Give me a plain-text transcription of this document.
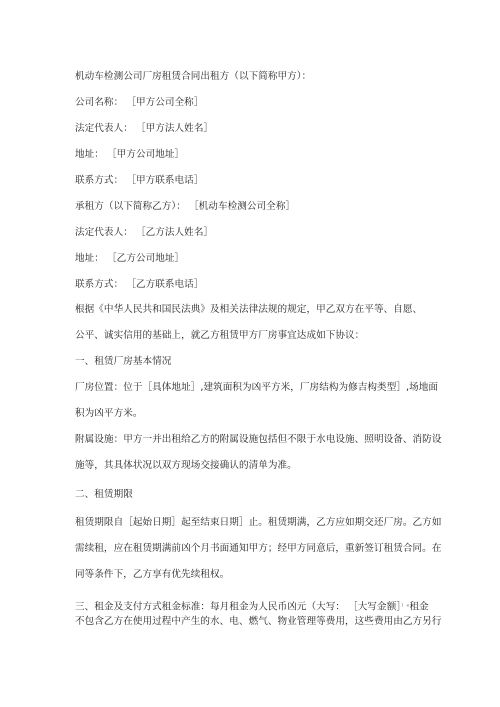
机动车检测公司厂房租赁合同出租方（以下简称甲方）：
公司名称： ［甲方公司全称］
法定代表人： ［甲方法人姓名］
地址： ［甲方公司地址］
联系方式： ［甲方联系电话］
承租方（以下简称乙方）： ［机动车检测公司全称］
法定代表人： ［乙方法人姓名］
地址： ［乙方公司地址］
联系方式： ［乙方联系电话］
根据《中华人民共和国民法典》及相关法律法规的规定，甲乙双方在平等、自愿、
公平、诚实信用的基础上，就乙方租赁甲方厂房事宜达成如下协议：
一、租赁厂房基本情况
厂房位置：位于［具体地址］,建筑面积为凶平方米，厂房结构为修吉构类型］,场地面
积为凶平方米。
附属设施：甲方一并出租给乙方的附属设施包括但不限于水电设施、照明设备、消防设
施等，其具体状况以双方现场交接确认的清单为准。
二、租赁期限
租赁期限自［起始日期］起至结束日期］止。租赁期满，乙方应如期交还厂房。乙方如
需续租，应在租赁期满前凶个月书面通知甲方；经甲方同意后，重新签订租赁合同。在
同等条件下，乙方享有优先续租权。
三、租金及支付方式租金标准：每月租金为人民币凶元（大写： ［大写金额］）«租金
不包含乙方在使用过程中产生的水、电、燃气、物业管理等费用，这些费用由乙方另行
